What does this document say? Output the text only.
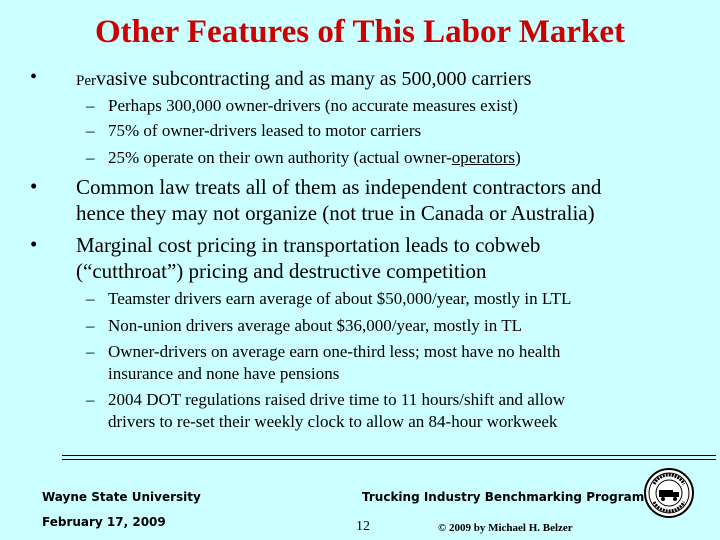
Other Features of This Labor Market
•	Pervasive subcontracting and as many as 500,000 carriers
– Perhaps 300,000 owner-drivers (no accurate measures exist)
– 75% of owner-drivers leased to motor carriers
– 25% operate on their own authority (actual owner-operators)
• Common law treats all of them as independent contractors and
hence they may not organize (not true in Canada or Australia)
• Marginal cost pricing in transportation leads to cobweb
(“cutthroat”) pricing and destructive competition
– Teamster drivers earn average of about $50,000/year, mostly in LTL
– Non-union drivers average about $36,000/year, mostly in TL
– Owner-drivers on average earn one-third less; most have no health
insurance and none have pensions
– 2004 DOT regulations raised drive time to 11 hours/shift and allow
drivers to re-set their weekly clock to allow an 84-hour workweek
Wayne State University
February 17, 2009
Trucking Industry Benchmarking Program
12	© 2009 by Michael H. Belzer
